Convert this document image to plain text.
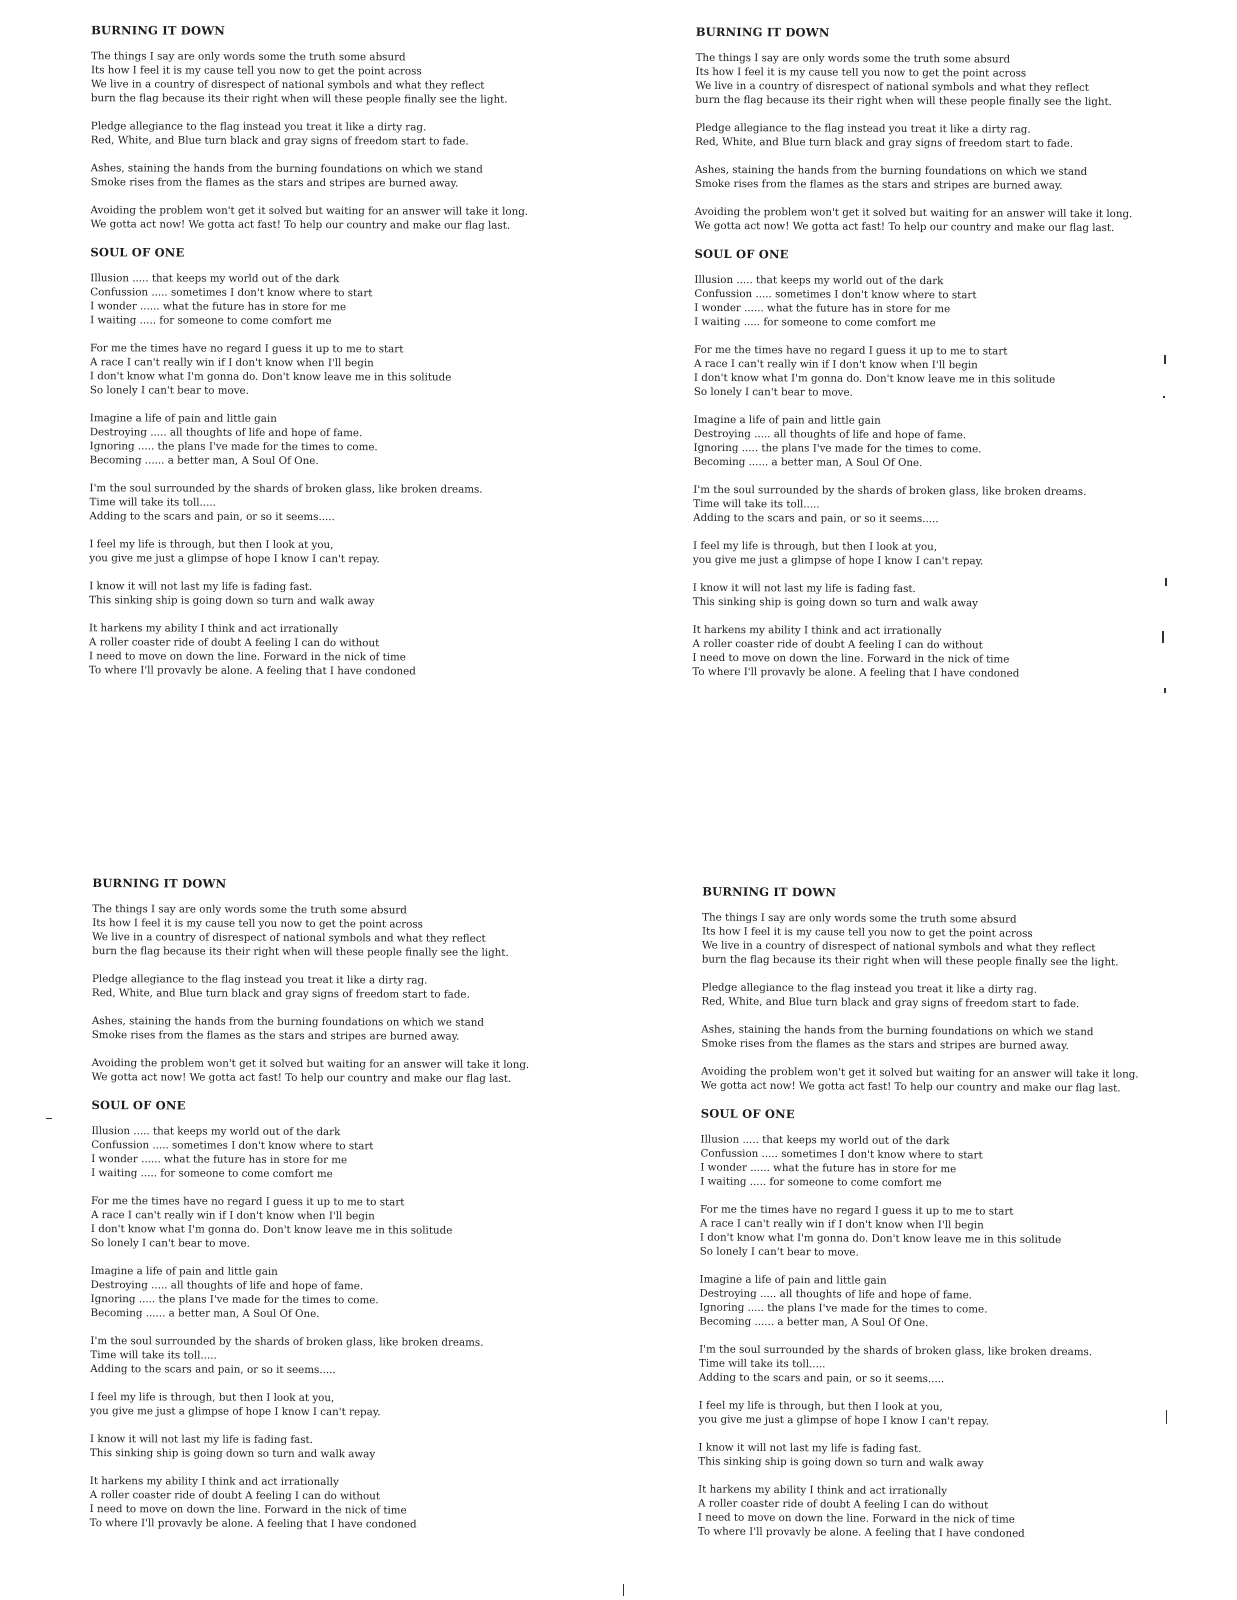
BURNING IT DOWN
The things I say are only words some the truth some absurd
Its how I feel it is my cause tell you now to get the point across
We live in a country of disrespect of national symbols and what they reflect
burn the flag because its their right when will these people finally see the light.
Pledge allegiance to the flag instead you treat it like a dirty rag.
Red, White, and Blue turn black and gray signs of freedom start to fade.
Ashes, staining the hands from the burning foundations on which we stand
Smoke rises from the flames as the stars and stripes are burned away.
Avoiding the problem won't get it solved but waiting for an answer will take it long.
We gotta act now! We gotta act fast! To help our country and make our flag last.
SOUL OF ONE
Illusion ..... that keeps my world out of the dark
Confussion ..... sometimes I don't know where to start
I wonder ...... what the future has in store for me
I waiting ..... for someone to come comfort me
For me the times have no regard I guess it up to me to start
A race I can't really win if I don't know when I'll begin
I don't know what I'm gonna do. Don't know leave me in this solitude
So lonely I can't bear to move.
Imagine a life of pain and little gain
Destroying ..... all thoughts of life and hope of fame.
Ignoring ..... the plans I've made for the times to come.
Becoming ...... a better man, A Soul Of One.
I'm the soul surrounded by the shards of broken glass, like broken dreams.
Time will take its toll.....
Adding to the scars and pain, or so it seems.....
I feel my life is through, but then I look at you,
you give me just a glimpse of hope I know I can't repay.
I know it will not last my life is fading fast.
This sinking ship is going down so turn and walk away
It harkens my ability I think and act irrationally
A roller coaster ride of doubt A feeling I can do without
I need to move on down the line. Forward in the nick of time
To where I'll provavly be alone. A feeling that I have condoned
BURNING IT DOWN
The things I say are only words some the truth some absurd
Its how I feel it is my cause tell you now to get the point across
We live in a country of disrespect of national symbols and what they reflect
burn the flag because its their right when will these people finally see the light.
Pledge allegiance to the flag instead you treat it like a dirty rag.
Red, White, and Blue turn black and gray signs of freedom start to fade.
Ashes, staining the hands from the burning foundations on which we stand
Smoke rises from the flames as the stars and stripes are burned away.
Avoiding the problem won't get it solved but waiting for an answer will take it long.
We gotta act now! We gotta act fast! To help our country and make our flag last.
SOUL OF ONE
Illusion ..... that keeps my world out of the dark
Confussion ..... sometimes I don't know where to start
I wonder ...... what the future has in store for me
I waiting ..... for someone to come comfort me
For me the times have no regard I guess it up to me to start
A race I can't really win if I don't know when I'll begin
I don't know what I'm gonna do. Don't know leave me in this solitude
So lonely I can't bear to move.
Imagine a life of pain and little gain
Destroying ..... all thoughts of life and hope of fame.
Ignoring ..... the plans I've made for the times to come.
Becoming ...... a better man, A Soul Of One.
I'm the soul surrounded by the shards of broken glass, like broken dreams.
Time will take its toll.....
Adding to the scars and pain, or so it seems.....
I feel my life is through, but then I look at you,
you give me just a glimpse of hope I know I can't repay.
I know it will not last my life is fading fast.
This sinking ship is going down so turn and walk away
It harkens my ability I think and act irrationally
A roller coaster ride of doubt A feeling I can do without
I need to move on down the line. Forward in the nick of time
To where I'll provavly be alone. A feeling that I have condoned
BURNING IT DOWN
The things I say are only words some the truth some absurd
Its how I feel it is my cause tell you now to get the point across
We live in a country of disrespect of national symbols and what they reflect
burn the flag because its their right when will these people finally see the light.
Pledge allegiance to the flag instead you treat it like a dirty rag.
Red, White, and Blue turn black and gray signs of freedom start to fade.
Ashes, staining the hands from the burning foundations on which we stand
Smoke rises from the flames as the stars and stripes are burned away.
Avoiding the problem won't get it solved but waiting for an answer will take it long.
We gotta act now! We gotta act fast! To help our country and make our flag last.
SOUL OF ONE
Illusion ..... that keeps my world out of the dark
Confussion ..... sometimes I don't know where to start
I wonder ...... what the future has in store for me
I waiting ..... for someone to come comfort me
For me the times have no regard I guess it up to me to start
A race I can't really win if I don't know when I'll begin
I don't know what I'm gonna do. Don't know leave me in this solitude
So lonely I can't bear to move.
Imagine a life of pain and little gain
Destroying ..... all thoughts of life and hope of fame.
Ignoring ..... the plans I've made for the times to come.
Becoming ...... a better man, A Soul Of One.
I'm the soul surrounded by the shards of broken glass, like broken dreams.
Time will take its toll.....
Adding to the scars and pain, or so it seems.....
I feel my life is through, but then I look at you,
you give me just a glimpse of hope I know I can't repay.
I know it will not last my life is fading fast.
This sinking ship is going down so turn and walk away
It harkens my ability I think and act irrationally
A roller coaster ride of doubt A feeling I can do without
I need to move on down the line. Forward in the nick of time
To where I'll provavly be alone. A feeling that I have condoned
BURNING IT DOWN
The things I say are only words some the truth some absurd
Its how I feel it is my cause tell you now to get the point across
We live in a country of disrespect of national symbols and what they reflect
burn the flag because its their right when will these people finally see the light.
Pledge allegiance to the flag instead you treat it like a dirty rag.
Red, White, and Blue turn black and gray signs of freedom start to fade.
Ashes, staining the hands from the burning foundations on which we stand
Smoke rises from the flames as the stars and stripes are burned away.
Avoiding the problem won't get it solved but waiting for an answer will take it long.
We gotta act now! We gotta act fast! To help our country and make our flag last.
SOUL OF ONE
Illusion ..... that keeps my world out of the dark
Confussion ..... sometimes I don't know where to start
I wonder ...... what the future has in store for me
I waiting ..... for someone to come comfort me
For me the times have no regard I guess it up to me to start
A race I can't really win if I don't know when I'll begin
I don't know what I'm gonna do. Don't know leave me in this solitude
So lonely I can't bear to move.
Imagine a life of pain and little gain
Destroying ..... all thoughts of life and hope of fame.
Ignoring ..... the plans I've made for the times to come.
Becoming ...... a better man, A Soul Of One.
I'm the soul surrounded by the shards of broken glass, like broken dreams.
Time will take its toll.....
Adding to the scars and pain, or so it seems.....
I feel my life is through, but then I look at you,
you give me just a glimpse of hope I know I can't repay.
I know it will not last my life is fading fast.
This sinking ship is going down so turn and walk away
It harkens my ability I think and act irrationally
A roller coaster ride of doubt A feeling I can do without
I need to move on down the line. Forward in the nick of time
To where I'll provavly be alone. A feeling that I have condoned
